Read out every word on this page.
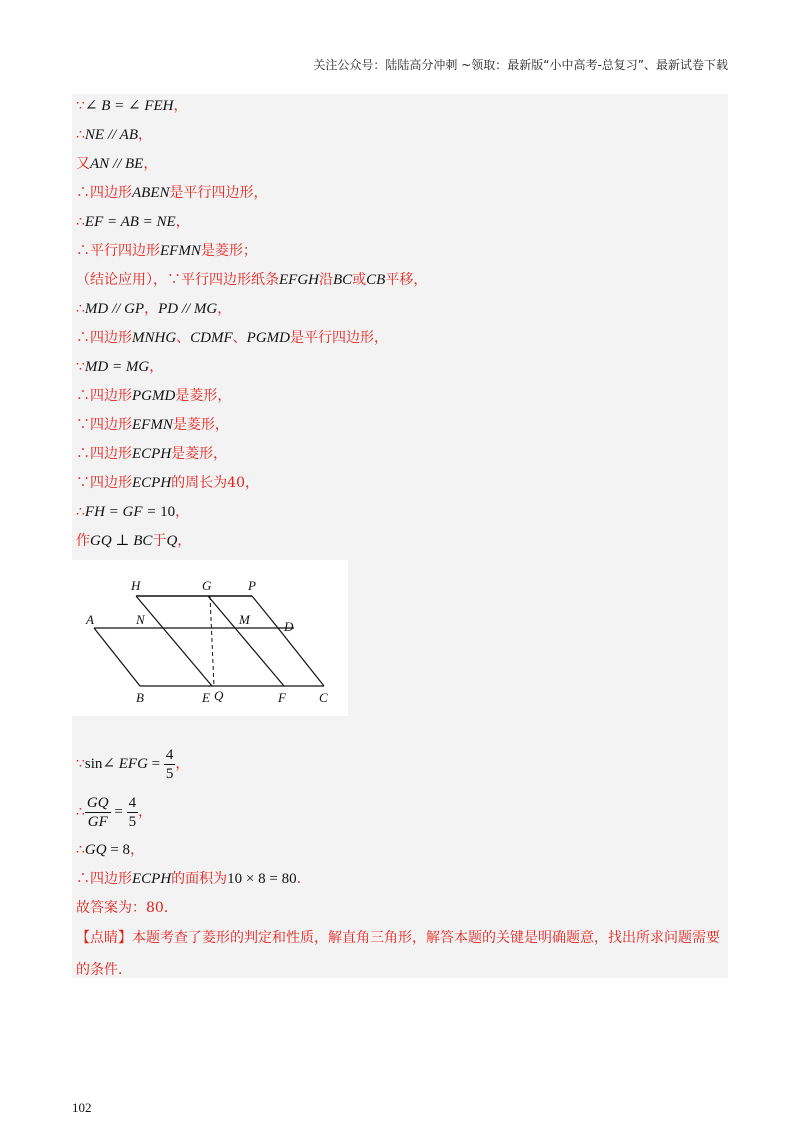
关注公众号：陆陆高分冲刺 ~领取：最新版“小中高考-总复习”、最新试卷下载
∵∠ B = ∠ FEH，
∴NE // AB，
又AN // BE，
∴四边形ABEN是平行四边形，
∴EF = AB = NE，
∴平行四边形EFMN是菱形；
（结论应用），∵平行四边形纸条EFGH沿BC或CB平移，
∴MD // GP，PD // MG，
∴四边形MNHG、CDMF、PGMD是平行四边形，
∵MD = MG，
∴四边形PGMD是菱形，
∵四边形EFMN是菱形，
∴四边形ECPH是菱形，
∵四边形ECPH的周长为40，
∴FH = GF = 10，
作GQ ⊥ BC于Q，
H	G	P
A	N	M	D
B	E Q	F	C
∵sin∠ EFG = $\frac{4}{5}$ ，
∴ $\frac{GQ}{GF} = \frac{4}{5}$ ，
∴GQ = 8，
∴四边形ECPH的面积为10 × 8 = 80.
故答案为：80．
【点睛】本题考查了菱形的判定和性质，解直角三角形，解答本题的关键是明确题意，找出所求问题需要的条件．
102
